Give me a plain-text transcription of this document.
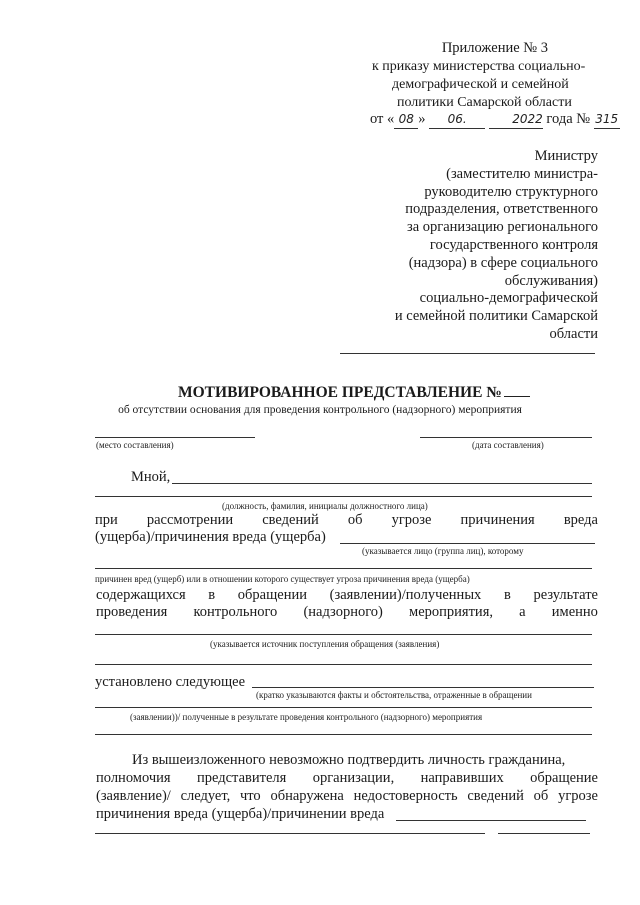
Приложение № 3
к приказу министерства социально-
демографической и семейной
политики Самарской области
от « 08 » 06.	2022 года № 315
Министру
(заместителю министра-
руководителю структурного
подразделения, ответственного
за организацию регионального
государственного контроля
(надзора) в сфере социального
обслуживания)
социально-демографической
и семейной политики Самарской
области
МОТИВИРОВАННОЕ ПРЕДСТАВЛЕНИЕ №
об отсутствии основания для проведения контрольного (надзорного) мероприятия
(место составления)	(дата составления)
Мной,
(должность, фамилия, инициалы должностного лица)
при рассмотрении сведений об угрозе причинения вреда
(ущерба)/причинения вреда (ущерба)
(указывается лицо (группа лиц), которому
причинен вред (ущерб) или в отношении которого существует угроза причинения вреда (ущерба)
содержащихся в обращении (заявлении)/полученных в результате
проведения контрольного (надзорного) мероприятия, а именно
(указывается источник поступления обращения (заявления)
установлено следующее
(кратко указываются факты и обстоятельства, отраженные в обращении
(заявлении))/ полученные в результате проведения контрольного (надзорного) мероприятия
Из вышеизложенного невозможно подтвердить личность гражданина,
полномочия представителя организации, направивших обращение
(заявление)/ следует, что обнаружена недостоверность сведений об угрозе
причинения вреда (ущерба)/причинении вреда
